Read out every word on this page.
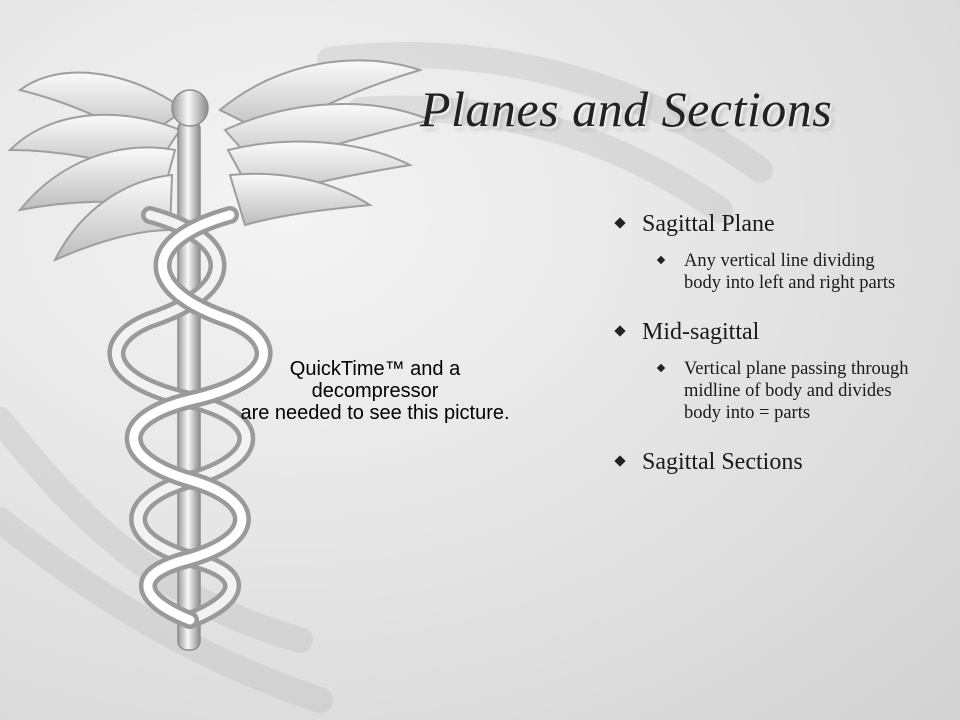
Planes and Sections
QuickTime™ and a
decompressor
are needed to see this picture.
Sagittal Plane
Any vertical line dividing body into left and right parts
Mid-sagittal
Vertical plane passing through midline of body and divides body into = parts
Sagittal Sections
